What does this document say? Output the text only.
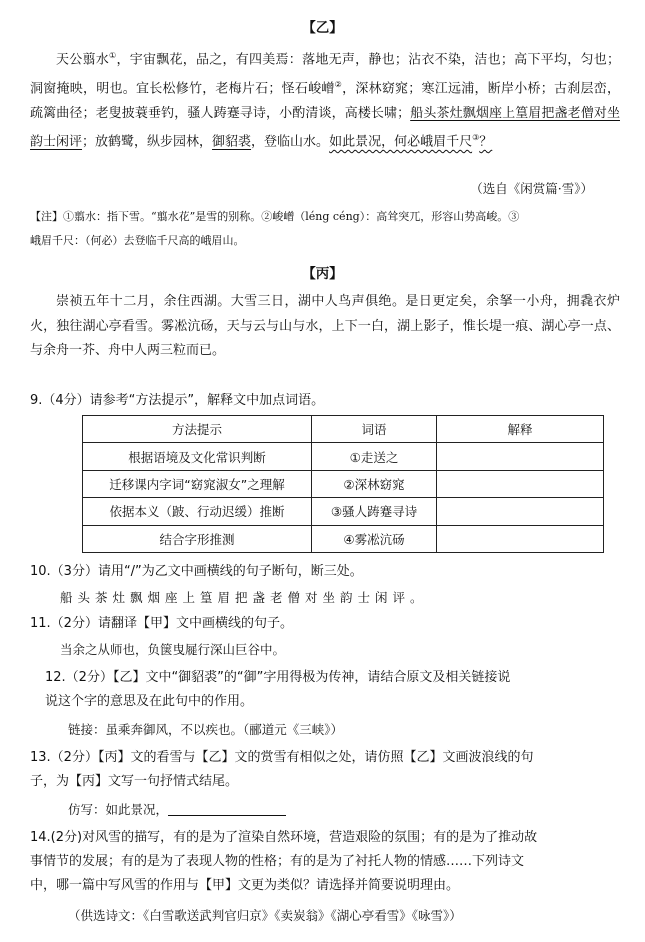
【乙】
天公翦水①，宇宙飘花，品之，有四美焉：落地无声，静也；沾衣不染，洁也；高下平均，匀也；洞窗掩映，明也。宜长松修竹，老梅片石；怪石峻嶒②，深林窈窕；寒江远浦，断岸小桥；古刹层峦，疏篱曲径；老叟披蓑垂钓，骚人踌蹇寻诗，小酌清谈，高楼长啸；船头茶灶飘烟座上篁眉把盏老僧对坐韵士闲评；放鹤鹭，纵步园林，御貂裘，登临山水。如此景况，何必峨眉千尺③？
（选自《闲赏篇·雪》）
【注】①翦水：指下雪。“翦水花”是雪的别称。②峻嶒（léng céng）：高耸突兀，形容山势高峻。③
峨眉千尺：（何必）去登临千尺高的峨眉山。
【丙】
崇祯五年十二月，余住西湖。大雪三日，湖中人鸟声俱绝。是日更定矣，余拏一小舟，拥毳衣炉火，独往湖心亭看雪。雾凇沆砀，天与云与山与水，上下一白，湖上影子，惟长堤一痕、湖心亭一点、与余舟一芥、舟中人两三粒而已。
9.（4分）请参考“方法提示”，解释文中加点词语。
方法提示	词语	解释
根据语境及文化常识判断	①走送之	
迁移课内字词“窈窕淑女”之理解	②深林窈窕	
依据本义（跛、行动迟缓）推断	③骚人踌蹇寻诗	
结合字形推测	④雾凇沆砀	
10.（3分）请用“/”为乙文中画横线的句子断句，断三处。
船头茶灶飘烟座上篁眉把盏老僧对坐韵士闲评。
11.（2分）请翻译【甲】文中画横线的句子。
当余之从师也，负箧曳屣行深山巨谷中。
12.（2分）【乙】文中“御貂裘”的“御”字用得极为传神，请结合原文及相关链接说
说这个字的意思及在此句中的作用。
链接：虽乘奔御风，不以疾也。（郦道元《三峡》）
13.（2分）【丙】文的看雪与【乙】文的赏雪有相似之处，请仿照【乙】文画波浪线的句
子，为【丙】文写一句抒情式结尾。
仿写：如此景况，
14.(2分)对风雪的描写，有的是为了渲染自然环境，营造艰险的氛围；有的是为了推动故
事情节的发展；有的是为了表现人物的性格；有的是为了衬托人物的情感……下列诗文
中，哪一篇中写风雪的作用与【甲】文更为类似？请选择并简要说明理由。
（供选诗文：《白雪歌送武判官归京》《卖炭翁》《湖心亭看雪》《咏雪》）
